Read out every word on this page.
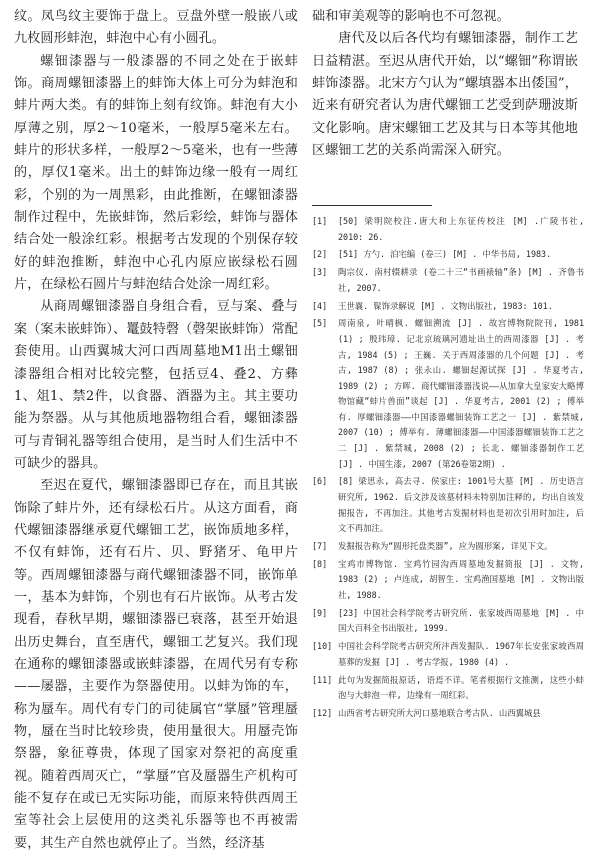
纹。凤鸟纹主要饰于盘上。豆盘外壁一般嵌八或九枚圆形蚌泡，蚌泡中心有小圆孔。

螺钿漆器与一般漆器的不同之处在于嵌蚌饰。商周螺钿漆器上的蚌饰大体上可分为蚌泡和蚌片两大类。有的蚌饰上刻有纹饰。蚌泡有大小厚薄之别，厚2～10毫米，一般厚5毫米左右。蚌片的形状多样，一般厚2～5毫米，也有一些薄的，厚仅1毫米。出土的蚌饰边缘一般有一周红彩，个别的为一周黑彩，由此推断，在螺钿漆器制作过程中，先嵌蚌饰，然后彩绘，蚌饰与器体结合处一般涂红彩。根据考古发现的个别保存较好的蚌泡推断，蚌泡中心孔内原应嵌绿松石圆片，在绿松石圆片与蚌泡结合处涂一周红彩。

从商周螺钿漆器自身组合看，豆与案、叠与案（案未嵌蚌饰）、鼍鼓特磬（磬架嵌蚌饰）常配套使用。山西翼城大河口西周墓地M1出土螺钿漆器组合相对比较完整，包括豆4、叠2、方彝1、俎1、禁2件，以食器、酒器为主。其主要功能为祭器。从与其他质地器物组合看，螺钿漆器可与青铜礼器等组合使用，是当时人们生活中不可缺少的器具。

至迟在夏代，螺钿漆器即已存在，而且其嵌饰除了蚌片外，还有绿松石片。从这方面看，商代螺钿漆器继承夏代螺钿工艺，嵌饰质地多样，不仅有蚌饰，还有石片、贝、野猪牙、龟甲片等。西周螺钿漆器与商代螺钿漆器不同，嵌饰单一，基本为蚌饰，个别也有石片嵌饰。从考古发现看，春秋早期，螺钿漆器已衰落，甚至开始退出历史舞台，直至唐代，螺钿工艺复兴。我们现在通称的螺钿漆器或嵌蚌漆器，在周代另有专称——屡器，主要作为祭器使用。以蚌为饰的车，称为蜃车。周代有专门的司徒属官“掌蜃”管理蜃物，蜃在当时比较珍贵，使用量很大。用蜃壳饰祭器，象征尊贵，体现了国家对祭祀的高度重视。随着西周灭亡，“掌蜃”官及蜃器生产机构可能不复存在或已无实际功能，而原来特供西周王室等社会上层使用的这类礼乐器等也不再被需要，其生产自然也就停止了。当然，经济基

础和审美观等的影响也不可忽视。

唐代及以后各代均有螺钿漆器，制作工艺日益精湛。至迟从唐代开始，以“螺钿”称谓嵌蚌饰漆器。北宋方勺认为“螺填器本出倭国”，近来有研究者认为唐代螺钿工艺受到萨珊波斯文化影响。唐宋螺钿工艺及其与日本等其他地区螺钿工艺的关系尚需深入研究。

[1]	[50] 梁明院校注.唐大和上东征传校注 [M] .广陵书社, 2010: 26.
[2]	[51] 方勺. 泊宅编 (卷三) [M] . 中华书局, 1983.
[3]	陶宗仪. 南村辍耕录 (卷二十三“书画裱轴”条) [M] . 齐鲁书社, 2007.
[4]	王世襄. 髹饰录解说 [M] . 文物出版社, 1983: 101.
[5]	周南泉, 叶晴枫. 螺钿溯流 [J] . 故宫博物院院刊, 1981 (1) ; 殷玮璋. 记北京琉璃河遗址出土的西周漆器 [J] . 考古, 1984 (5) ; 王巍. 关于西周漆器的几个问题 [J] . 考古, 1987 (8) ; 张永山. 螺钿起源试探 [J] . 华夏考古, 1989 (2) ; 方晖. 商代螺钿漆器浅说——从加拿大皇家安大略博物馆藏“蚌片兽面”谈起 [J] . 华夏考古, 2001 (2) ; 傅举有. 厚螺钿漆器——中国漆器螺钿装饰工艺之一 [J] . 紫禁城, 2007 (10) ; 傅举有. 薄螺钿漆器——中国漆器螺钿装饰工艺之二 [J] . 紫禁城, 2008 (2) ; 长北. 螺钿漆器制作工艺 [J] . 中国生漆, 2007 (第26卷第2期) .
[6]	[8] 梁思永, 高去寻. 侯家庄: 1001号大墓 [M] . 历史语言研究所, 1962. 后文涉及该墓材料未特别加注释的, 均出自该发掘报告, 不再加注。其他考古发掘材料也是初次引用时加注, 后文不再加注。
[7]	发掘报告称为“圆形托盘类器”, 应为圆形案, 详见下文。
[8]	宝鸡市博物馆. 宝鸡竹园沟西周墓地发掘简报 [J] . 文物, 1983 (2) ; 卢连成, 胡智生. 宝鸡渔国墓地 [M] . 文物出版社, 1988.
[9]	[23] 中国社会科学院考古研究所. 张家坡西周墓地 [M] . 中国大百科全书出版社, 1999.
[10] 中国社会科学院考古研究所沣西发掘队. 1967年长安张家坡西周墓葬的发掘 [J] . 考古学报, 1980 (4) .
[11] 此句为发掘简报原话, 语焉不详。笔者根据行文推测, 这些小蚌泡与大蚌泡一样, 边缘有一周红彩。
[12] 山西省考古研究所大河口墓地联合考古队. 山西翼城县
